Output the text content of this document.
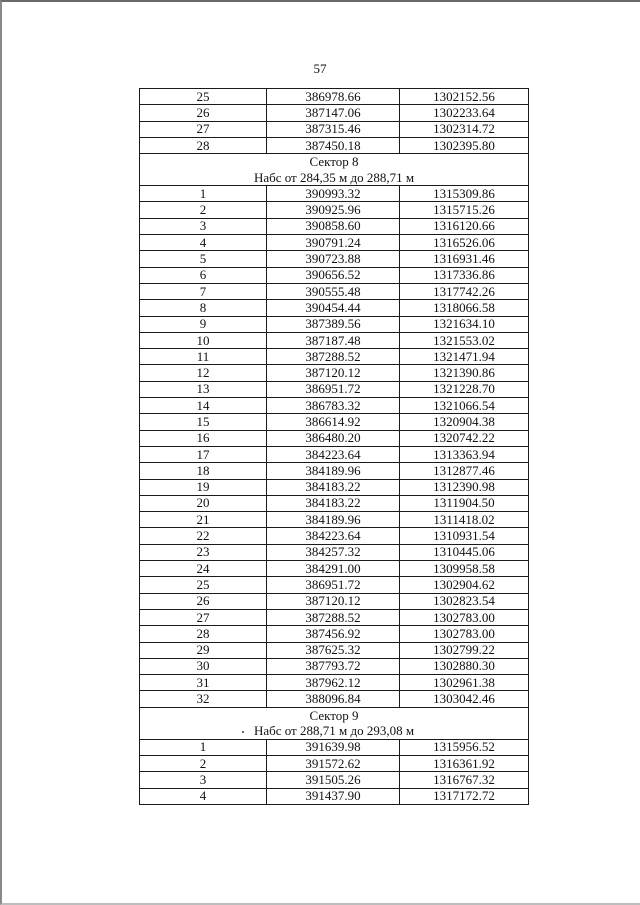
57
25	386978.66	1302152.56
26	387147.06	1302233.64
27	387315.46	1302314.72
28	387450.18	1302395.80

Сектор 8
Набс от 284,35 м до 288,71 м		

1	390993.32	1315309.86
2	390925.96	1315715.26
3	390858.60	1316120.66
4	390791.24	1316526.06
5	390723.88	1316931.46
6	390656.52	1317336.86
7	390555.48	1317742.26
8	390454.44	1318066.58
9	387389.56	1321634.10
10	387187.48	1321553.02
11	387288.52	1321471.94
12	387120.12	1321390.86
13	386951.72	1321228.70
14	386783.32	1321066.54
15	386614.92	1320904.38
16	386480.20	1320742.22
17	384223.64	1313363.94
18	384189.96	1312877.46
19	384183.22	1312390.98
20	384183.22	1311904.50
21	384189.96	1311418.02
22	384223.64	1310931.54
23	384257.32	1310445.06
24	384291.00	1309958.58
25	386951.72	1302904.62
26	387120.12	1302823.54
27	387288.52	1302783.00
28	387456.92	1302783.00
29	387625.32	1302799.22
30	387793.72	1302880.30
31	387962.12	1302961.38
32	388096.84	1303042.46

Сектор 9
Набс от 288,71 м до 293,08 м		

1	391639.98	1315956.52
2	391572.62	1316361.92
3	391505.26	1316767.32
4	391437.90	1317172.72
